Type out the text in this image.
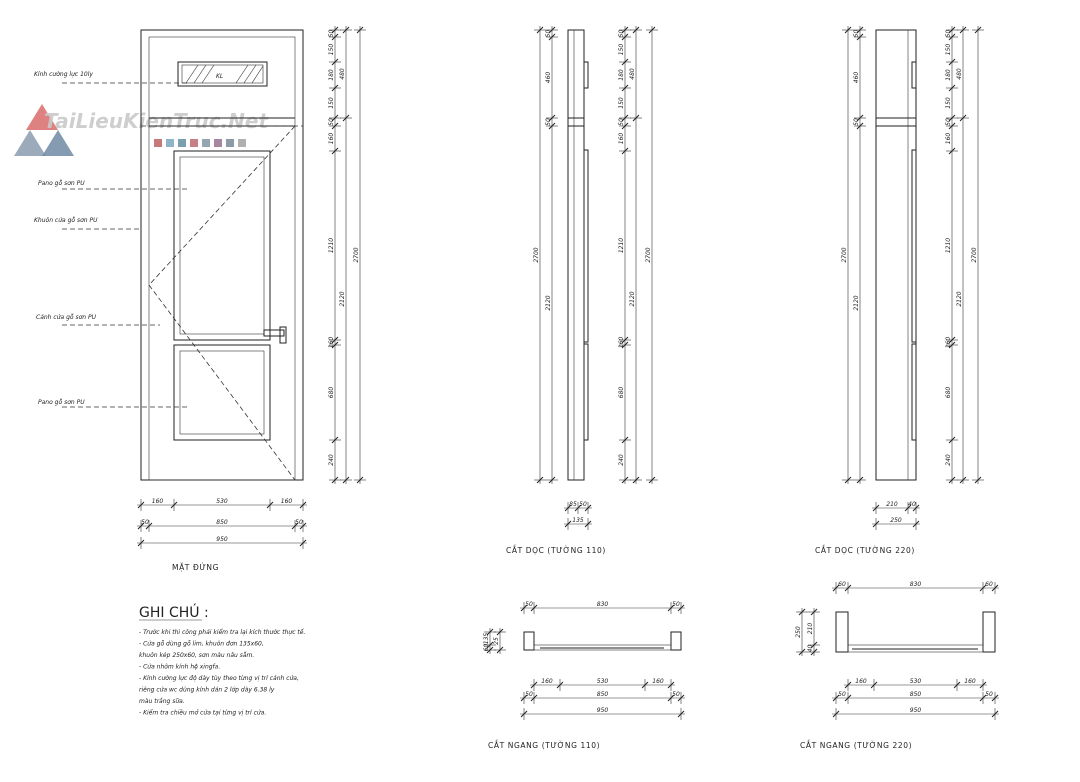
TaiLieuKienTruc.Net
KL
Kính cường lực 10ly
Pano gỗ sơn PU
Khuôn cửa gỗ sơn PU
Cánh cửa gỗ sơn PU
Pano gỗ sơn PU
160	530	160
50	850	50
950
50
150
180
150
50
160
1210
160
680
240
480
2120
2700
MẶT ĐỨNG
2700
50
460
50
2120
50
150
180
150
50
160
1210
160
680
240
480
2120
2700
85 50
135
CẮT DỌC (TƯỜNG 110)
2700
50
460
50
2120
50
150
180
150
50
160
1210
160
680
240
480
2120
2700
210 40
250
CẮT DỌC (TƯỜNG 220)
GHI CHÚ :
- Trước khi thi công phải kiểm tra lại kích thước thực tế.
- Cửa gỗ dùng gỗ lim, khuôn đơn 135x60,
khuôn kép 250x60, sơn màu nâu sẫm.
- Cửa nhôm kính hệ xingfa.
- Kính cường lực độ dày tùy theo từng vị trí cánh cửa,
riêng cửa wc dùng kính dán 2 lớp dày 6.38 ly
màu trắng sữa.
- Kiểm tra chiều mở cửa tại từng vị trí cửa.
50	830	50
135
60
25
160	530	160
50	850	50
950
CẮT NGANG (TƯỜNG 110)
60	830	60
250 210
40
160	530	160
50	850	50
950
CẮT NGANG (TƯỜNG 220)
